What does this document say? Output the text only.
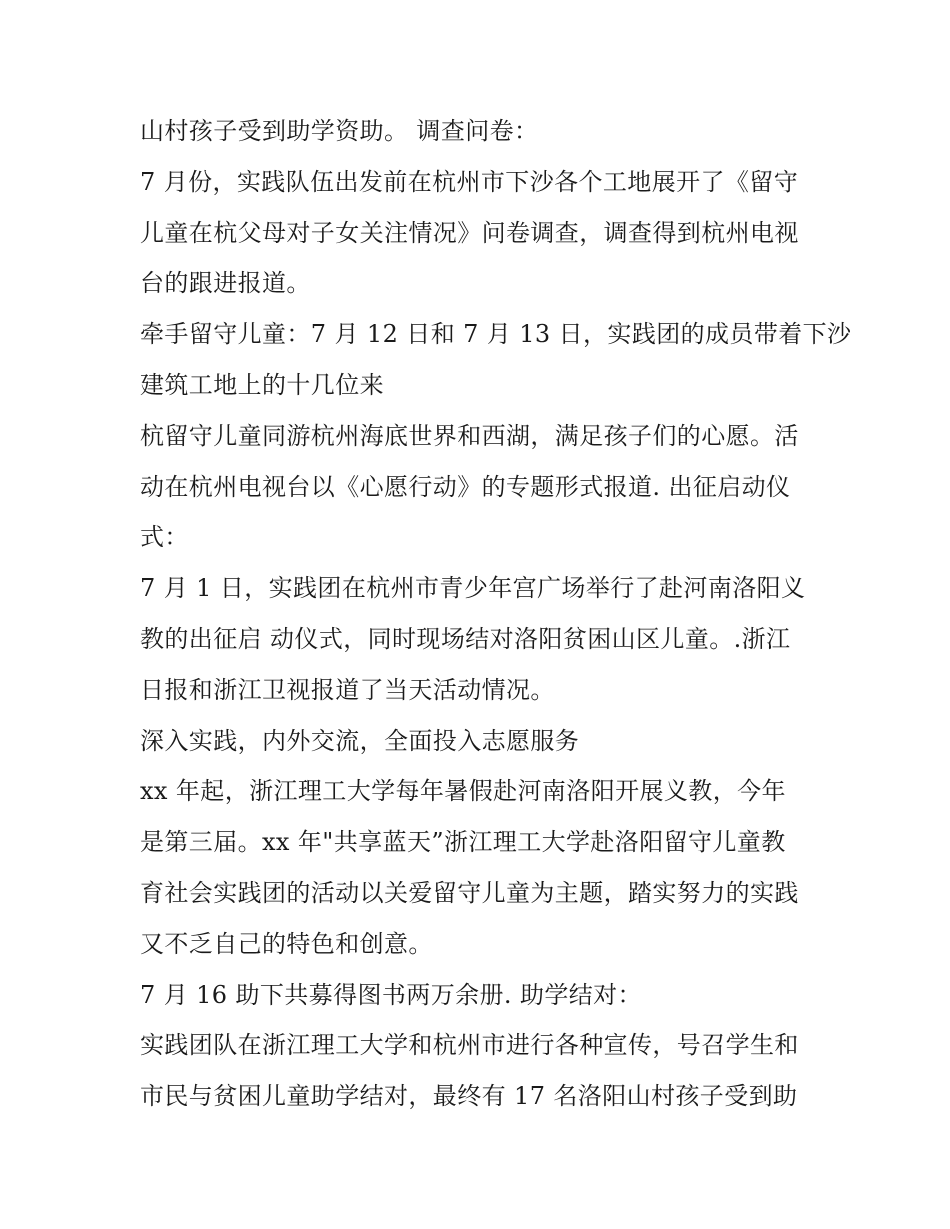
山村孩子受到助学资助。 调查问卷：
7 月份，实践队伍出发前在杭州市下沙各个工地展开了《留守
儿童在杭父母对子女关注情况》问卷调查，调查得到杭州电视
台的跟进报道。
牵手留守儿童：7 月 12 日和 7 月 13 日，实践团的成员带着下沙
建筑工地上的十几位来
杭留守儿童同游杭州海底世界和西湖，满足孩子们的心愿。活
动在杭州电视台以《心愿行动》的专题形式报道. 出征启动仪
式：
7 月 1 日，实践团在杭州市青少年宫广场举行了赴河南洛阳义
教的出征启 动仪式，同时现场结对洛阳贫困山区儿童。.浙江
日报和浙江卫视报道了当天活动情况。
深入实践，内外交流，全面投入志愿服务
xx 年起，浙江理工大学每年暑假赴河南洛阳开展义教，今年
是第三届。xx 年"共享蓝天”浙江理工大学赴洛阳留守儿童教
育社会实践团的活动以关爱留守儿童为主题，踏实努力的实践
又不乏自己的特色和创意。
7 月 16 助下共募得图书两万余册. 助学结对：
实践团队在浙江理工大学和杭州市进行各种宣传，号召学生和
市民与贫困儿童助学结对，最终有 17 名洛阳山村孩子受到助
